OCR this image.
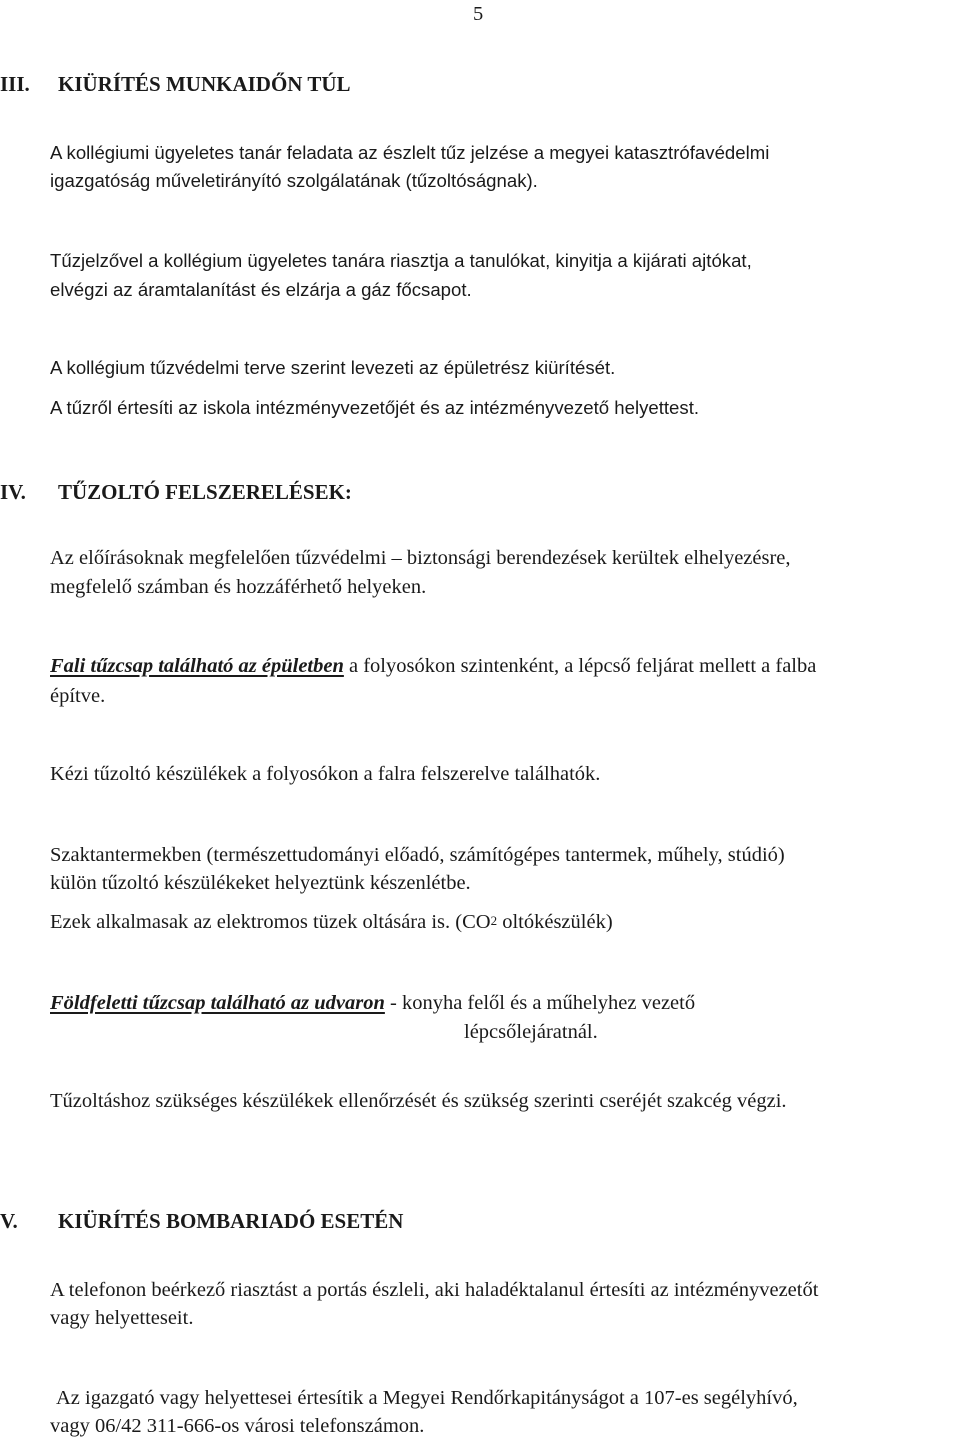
5
III. KIÜRÍTÉS MUNKAIDŐN TÚL
A kollégiumi ügyeletes tanár feladata az észlelt tűz jelzése a megyei katasztrófavédelmi
igazgatóság műveletirányító szolgálatának (tűzoltóságnak).
Tűzjelzővel a kollégium ügyeletes tanára riasztja a tanulókat, kinyitja a kijárati ajtókat,
elvégzi az áramtalanítást és elzárja a gáz főcsapot.
A kollégium tűzvédelmi terve szerint levezeti az épületrész kiürítését.
A tűzről értesíti az iskola intézményvezetőjét és az intézményvezető helyettest.
IV. TŰZOLTÓ FELSZERELÉSEK:
Az előírásoknak megfelelően tűzvédelmi – biztonsági berendezések kerültek elhelyezésre,
megfelelő számban és hozzáférhető helyeken.
Fali tűzcsap található az épületben a folyosókon szintenként, a lépcső feljárat mellett a falba
építve.
Kézi tűzoltó készülékek a folyosókon a falra felszerelve találhatók.
Szaktantermekben (természettudományi előadó, számítógépes tantermek, műhely, stúdió)
külön tűzoltó készülékeket helyeztünk készenlétbe.
Ezek alkalmasak az elektromos tüzek oltására is. ($CO^2$ oltókészülék)
Földfeletti tűzcsap található az udvaron - konyha felől és a műhelyhez vezető
lépcsőlejáratnál.
Tűzoltáshoz szükséges készülékek ellenőrzését és szükség szerinti cseréjét szakcég végzi.
V. KIÜRÍTÉS BOMBARIADÓ ESETÉN
A telefonon beérkező riasztást a portás észleli, aki haladéktalanul értesíti az intézményvezetőt
vagy helyetteseit.
Az igazgató vagy helyettesei értesítik a Megyei Rendőrkapitányságot a 107-es segélyhívó,
vagy 06/42 311-666-os városi telefonszámon.
